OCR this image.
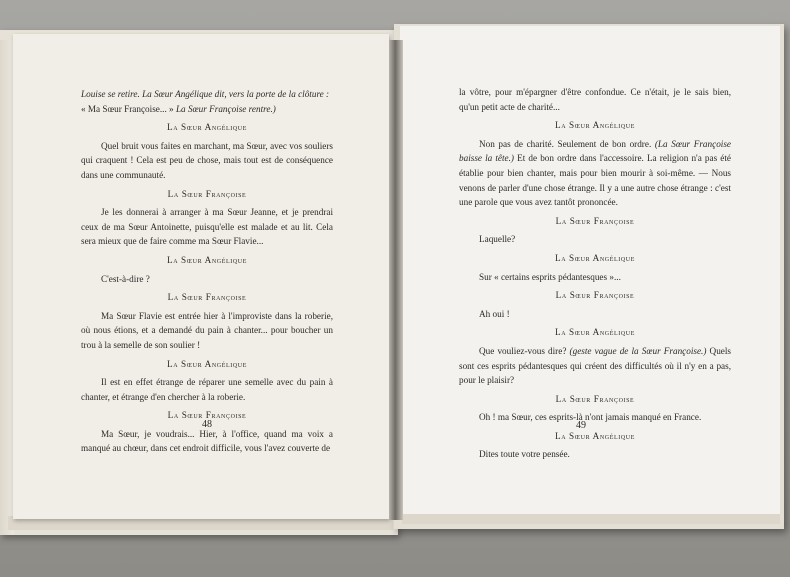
Louise se retire. La Sœur Angélique dit, vers la porte de la clôture :

« Ma Sœur Françoise... » La Sœur Françoise rentre.)

La Sœur Angélique

Quel bruit vous faites en marchant, ma Sœur, avec vos souliers qui craquent ! Cela est peu de chose, mais tout est de conséquence dans une communauté.

La Sœur Françoise

Je les donnerai à arranger à ma Sœur Jeanne, et je prendrai ceux de ma Sœur Antoinette, puisqu'elle est malade et au lit. Cela sera mieux que de faire comme ma Sœur Flavie...

La Sœur Angélique

C'est-à-dire ?

La Sœur Françoise

Ma Sœur Flavie est entrée hier à l'improviste dans la roberie, où nous étions, et a demandé du pain à chanter... pour boucher un trou à la semelle de son soulier !

La Sœur Angélique

Il est en effet étrange de réparer une semelle avec du pain à chanter, et étrange d'en chercher à la roberie.

La Sœur Françoise

Ma Sœur, je voudrais... Hier, à l'office, quand ma voix a manqué au chœur, dans cet endroit difficile, vous l'avez couverte de

48

la vôtre, pour m'épargner d'être confondue. Ce n'était, je le sais bien, qu'un petit acte de charité...

La Sœur Angélique

Non pas de charité. Seulement de bon ordre. (La Sœur Françoise baisse la tête.) Et de bon ordre dans l'accessoire. La religion n'a pas été établie pour bien chanter, mais pour bien mourir à soi-même. — Nous venons de parler d'une chose étrange. Il y a une autre chose étrange : c'est une parole que vous avez tantôt prononcée.

La Sœur Françoise

Laquelle?

La Sœur Angélique

Sur « certains esprits pédantesques »...

La Sœur Françoise

Ah oui !

La Sœur Angélique

Que vouliez-vous dire? (geste vague de la Sœur Françoise.) Quels sont ces esprits pédantesques qui créent des difficultés où il n'y en a pas, pour le plaisir?

La Sœur Françoise

Oh ! ma Sœur, ces esprits-là n'ont jamais manqué en France.

La Sœur Angélique

Dites toute votre pensée.

49
